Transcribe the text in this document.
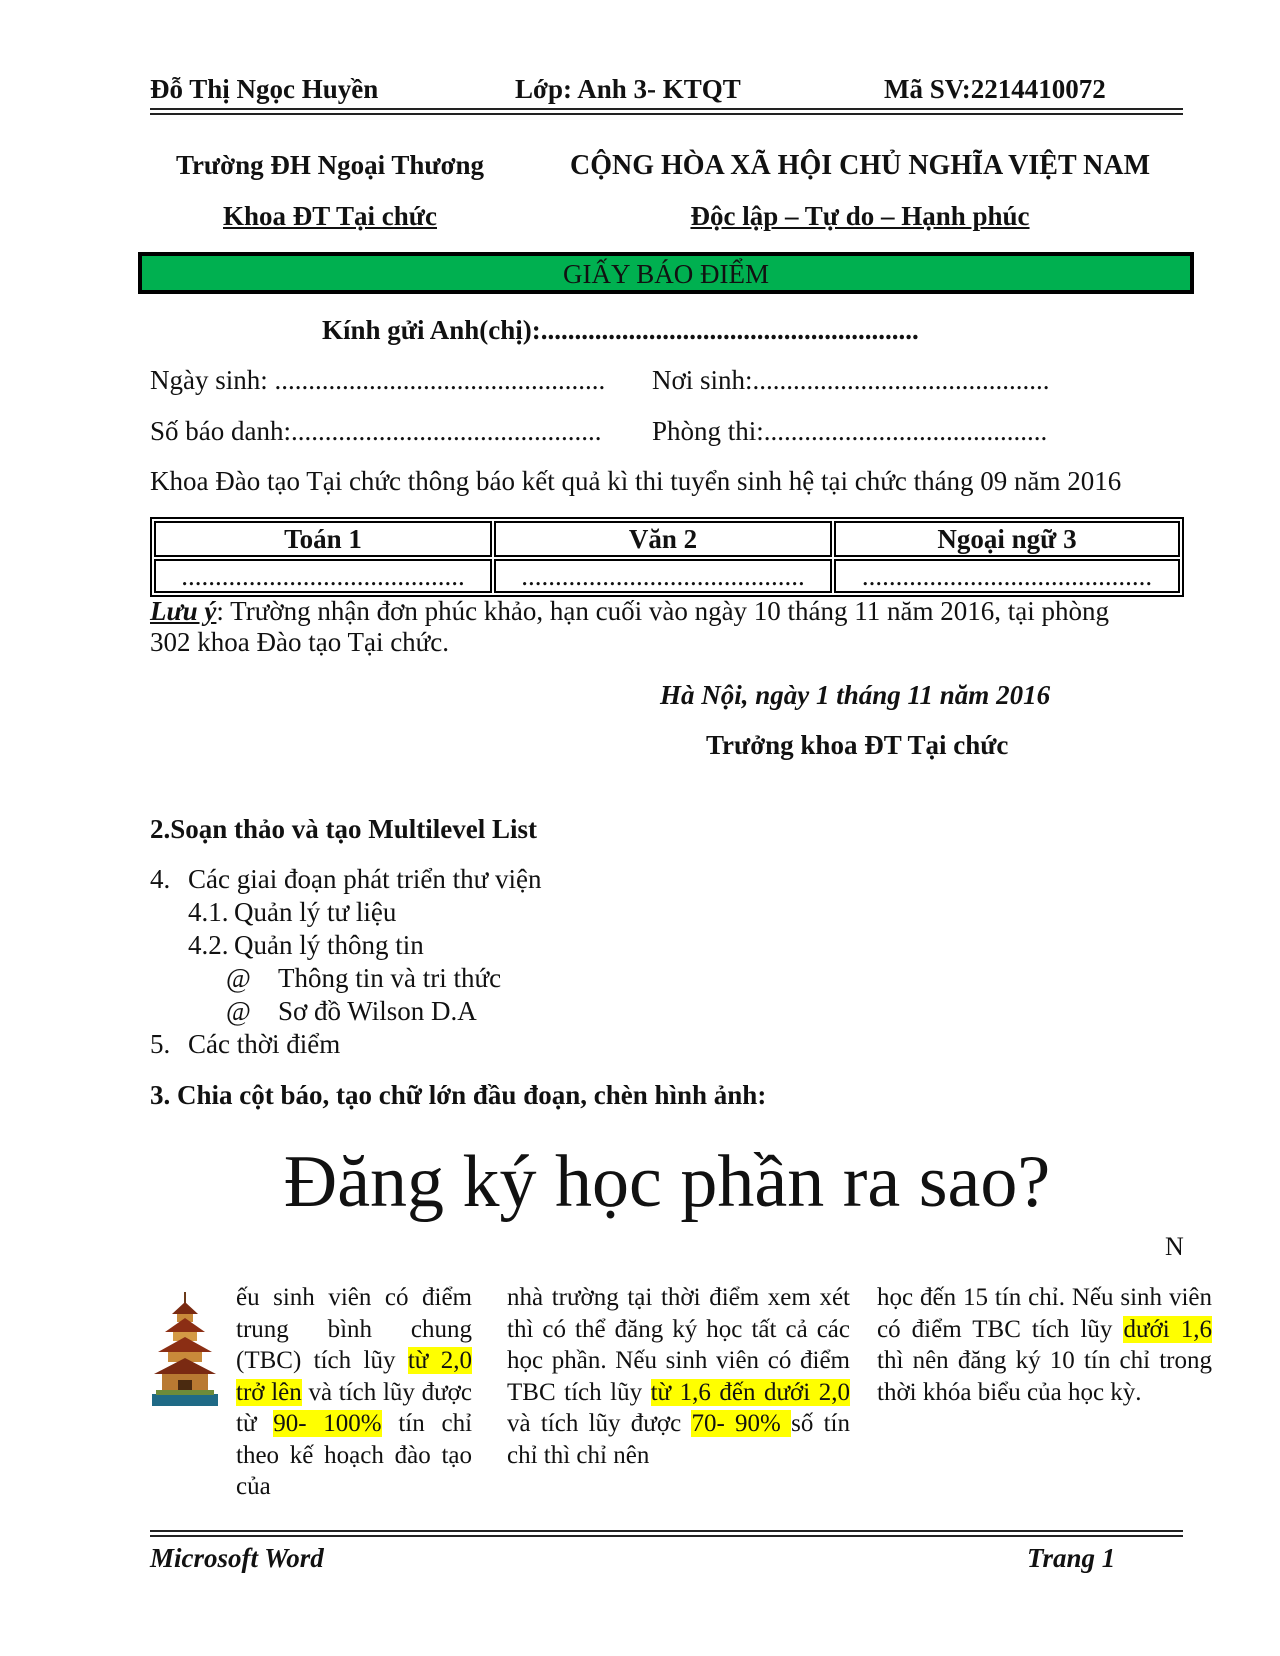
Đỗ Thị Ngọc Huyền	Lớp: Anh 3- KTQT	Mã SV:2214410072
Trường ĐH Ngoại Thương
Khoa ĐT Tại chức
CỘNG HÒA XÃ HỘI CHỦ NGHĨA VIỆT NAM
Độc lập – Tự do – Hạnh phúc
GIẤY BÁO ĐIỂM
Kính gửi Anh(chị):........................................................
Ngày sinh: ................................................. Nơi sinh:............................................
Số báo danh:.............................................. Phòng thi:..........................................
Khoa Đào tạo Tại chức thông báo kết quả kì thi tuyển sinh hệ tại chức tháng 09 năm 2016
Toán 1	Văn 2	Ngoại ngữ 3
..........................................	..........................................	...........................................
Lưu ý: Trường nhận đơn phúc khảo, hạn cuối vào ngày 10 tháng 11 năm 2016, tại phòng
302 khoa Đào tạo Tại chức.
Hà Nội, ngày 1 tháng 11 năm 2016
Trưởng khoa ĐT Tại chức
2.Soạn thảo và tạo Multilevel List
4. Các giai đoạn phát triển thư viện
4.1. Quản lý tư liệu
4.2. Quản lý thông tin
@ Thông tin và tri thức
@ Sơ đồ Wilson D.A
5. Các thời điểm
3. Chia cột báo, tạo chữ lớn đầu đoạn, chèn hình ảnh:
Đăng ký học phần ra sao?
N

ếu sinh viên có điểm trung bình chung (TBC) tích lũy từ 2,0 trở lên và tích lũy được từ 90- 100% tín chỉ theo kế hoạch đào tạo của

nhà trường tại thời điểm xem xét thì có thể đăng ký học tất cả các học phần. Nếu sinh viên có điểm TBC tích lũy từ 1,6 đến dưới 2,0 và tích lũy được 70- 90% số tín chỉ thì chỉ nên

học đến 15 tín chỉ. Nếu sinh viên có điểm TBC tích lũy dưới 1,6 thì nên đăng ký 10 tín chỉ trong thời khóa biểu của học kỳ.

Microsoft Word	Trang 1
